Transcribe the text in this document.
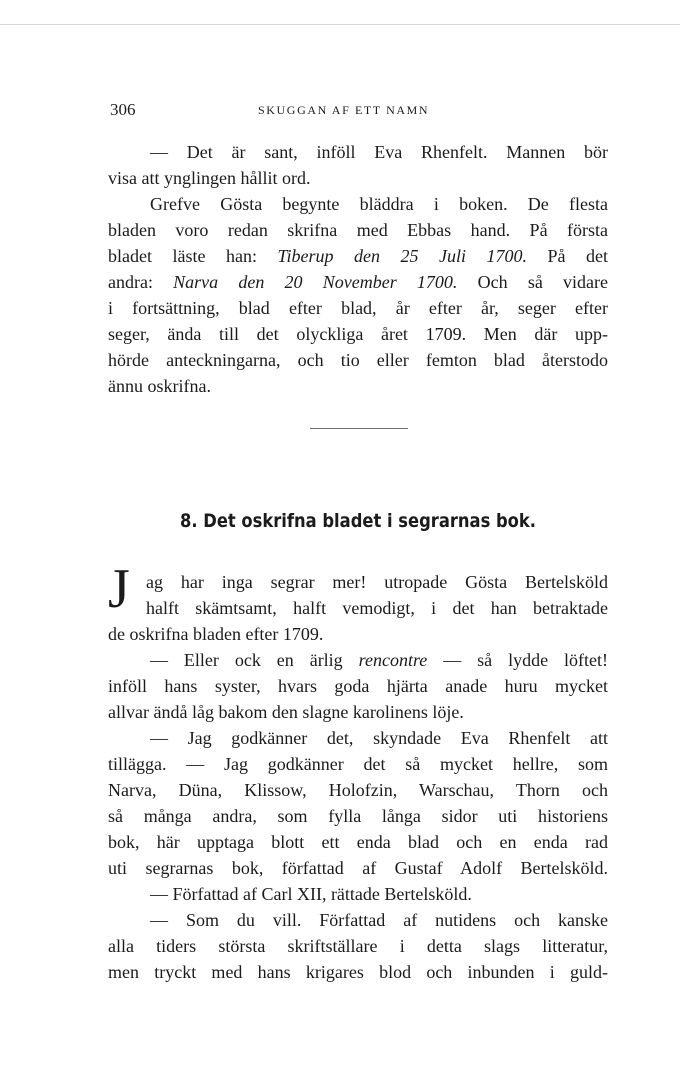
306	SKUGGAN AF ETT NAMN
— Det är sant, inföll Eva Rhenfelt. Mannen bör
visa att ynglingen hållit ord.
Grefve Gösta begynte bläddra i boken. De flesta
bladen voro redan skrifna med Ebbas hand. På första
bladet läste han: Tiberup den 25 Juli 1700. På det
andra: Narva den 20 November 1700. Och så vidare
i fortsättning, blad efter blad, år efter år, seger efter
seger, ända till det olyckliga året 1709. Men där upp-
hörde anteckningarna, och tio eller femton blad återstodo
ännu oskrifna.
8. Det oskrifna bladet i segrarnas bok.
J ag har inga segrar mer! utropade Gösta Bertelsköld
halft skämtsamt, halft vemodigt, i det han betraktade
de oskrifna bladen efter 1709.
— Eller ock en ärlig rencontre — så lydde löftet!
inföll hans syster, hvars goda hjärta anade huru mycket
allvar ändå låg bakom den slagne karolinens löje.
— Jag godkänner det, skyndade Eva Rhenfelt att
tillägga. — Jag godkänner det så mycket hellre, som
Narva, Düna, Klissow, Holofzin, Warschau, Thorn och
så många andra, som fylla långa sidor uti historiens
bok, här upptaga blott ett enda blad och en enda rad
uti segrarnas bok, författad af Gustaf Adolf Bertelsköld.
— Författad af Carl XII, rättade Bertelsköld.
— Som du vill. Författad af nutidens och kanske
alla tiders största skriftställare i detta slags litteratur,
men tryckt med hans krigares blod och inbunden i guld-
